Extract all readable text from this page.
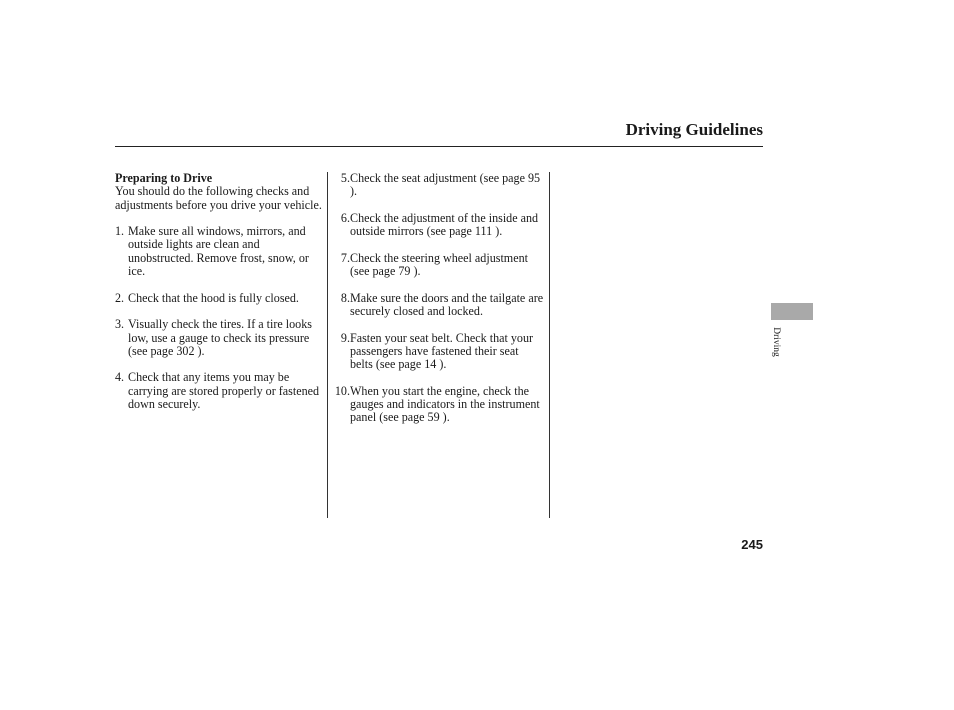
Driving Guidelines
Preparing to Drive
You should do the following checks and adjustments before you drive your vehicle.
1. Make sure all windows, mirrors, and outside lights are clean and unobstructed. Remove frost, snow, or ice.
2. Check that the hood is fully closed.
3. Visually check the tires. If a tire looks low, use a gauge to check its pressure (see page 302 ).
4. Check that any items you may be carrying are stored properly or fastened down securely.
5. Check the seat adjustment (see page 95 ).
6. Check the adjustment of the inside and outside mirrors (see page 111 ).
7. Check the steering wheel adjustment (see page 79 ).
8. Make sure the doors and the tailgate are securely closed and locked.
9. Fasten your seat belt. Check that your passengers have fastened their seat belts (see page 14 ).
10. When you start the engine, check the gauges and indicators in the instrument panel (see page 59 ).
Driving
245
